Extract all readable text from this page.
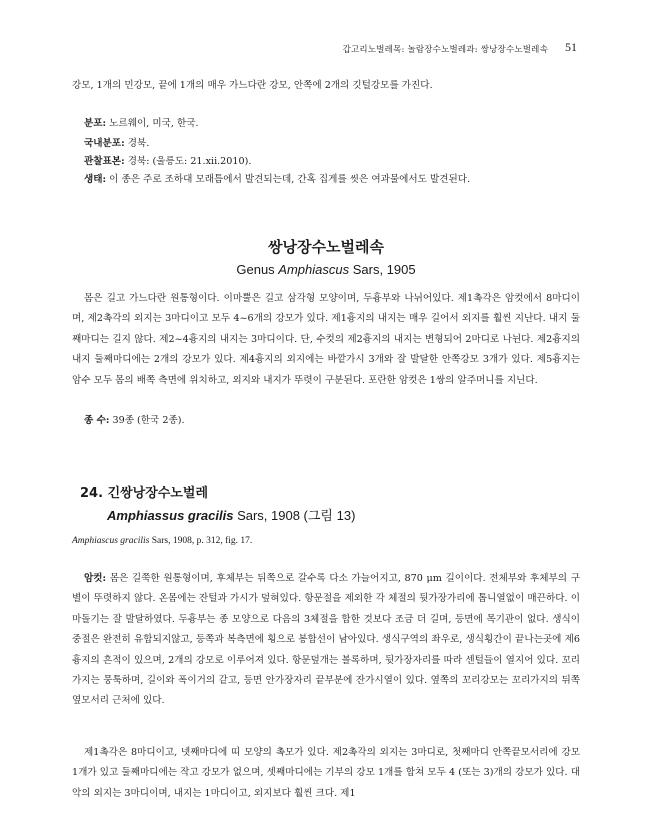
갑고리노벌레목: 놀람장수노벌레과: 쌍낭장수노벌레속 51
강모, 1개의 민강모, 끝에 1개의 매우 가느다란 강모, 안쪽에 2개의 깃털강모를 가진다.
분포: 노르웨이, 미국, 한국.
국내분포: 경북.
관찰표본: 경북: (울릉도: 21.xii.2010).
생태: 이 종은 주로 조하대 모래틈에서 발견되는데, 간혹 집게를 씻은 여과물에서도 발견된다.
쌍낭장수노벌레속
Genus Amphiascus Sars, 1905

몸은 길고 가느다란 원통형이다. 이마뿔은 길고 삼각형 모양이며, 두흉부와 나뉘어있다. 제1촉각은 암컷에서 8마디이며, 제2촉각의 외지는 3마디이고 모두 4~6개의 강모가 있다. 제1흉지의 내지는 매우 길어서 외지를 훨씬 지난다. 내지 둘째마디는 길지 않다. 제2~4흉지의 내지는 3마디이다. 단, 수컷의 제2흉지의 내지는 변형되어 2마디로 나뉜다. 제2흉지의 내지 둘째마디에는 2개의 강모가 있다. 제4흉지의 외지에는 바깥가시 3개와 잘 발달한 안쪽강모 3개가 있다. 제5흉지는 암수 모두 몸의 배쪽 측면에 위치하고, 외지와 내지가 뚜렷이 구분된다. 포란한 암컷은 1쌍의 알주머니를 지닌다.

종 수: 39종 (한국 2종).
24. 긴쌍낭장수노벌레
Amphiassus gracilis Sars, 1908 (그림 13)
Amphiascus gracilis Sars, 1908, p. 312, fig. 17.

암컷: 몸은 길쭉한 원통형이며, 후체부는 뒤쪽으로 갈수록 다소 가늘어지고, 870 μm 길이이다. 전체부와 후체부의 구별이 뚜렷하지 않다. 온몸에는 잔털과 가시가 덮혀있다. 항문절을 제외한 각 체절의 뒷가장가리에 톱니열없이 매끈하다. 이마돌기는 잘 발달하였다. 두흉부는 종 모양으로 다음의 3체절을 합한 것보다 조금 더 길며, 등면에 목기관이 없다. 생식이중절은 완전히 유합되지않고, 등쪽과 복측면에 횡으로 봉합선이 남아있다. 생식구역의 좌우로, 생식횡간이 끝나는곳에 제6흉지의 흔적이 있으며, 2개의 강모로 이루어져 있다. 항문덮개는 볼록하며, 뒷가장자리를 따라 센털들이 열지어 있다. 꼬리가지는 뭉툭하며, 길이와 폭이거의 같고, 등면 안가장자리 끝부분에 잔가시열이 있다. 옆쪽의 꼬리강모는 꼬리가지의 뒤쪽 옆모서리 근처에 있다.

제1촉각은 8마디이고, 넷째마디에 띠 모양의 촉모가 있다. 제2촉각의 외지는 3마디로, 첫째마디 안쪽끝모서리에 강모 1개가 있고 둘째마디에는 작고 강모가 없으며, 셋째마디에는 기부의 강모 1개를 합쳐 모두 4 (또는 3)개의 강모가 있다. 대악의 외지는 3마디이며, 내지는 1마디이고, 외지보다 훨씬 크다. 제1
